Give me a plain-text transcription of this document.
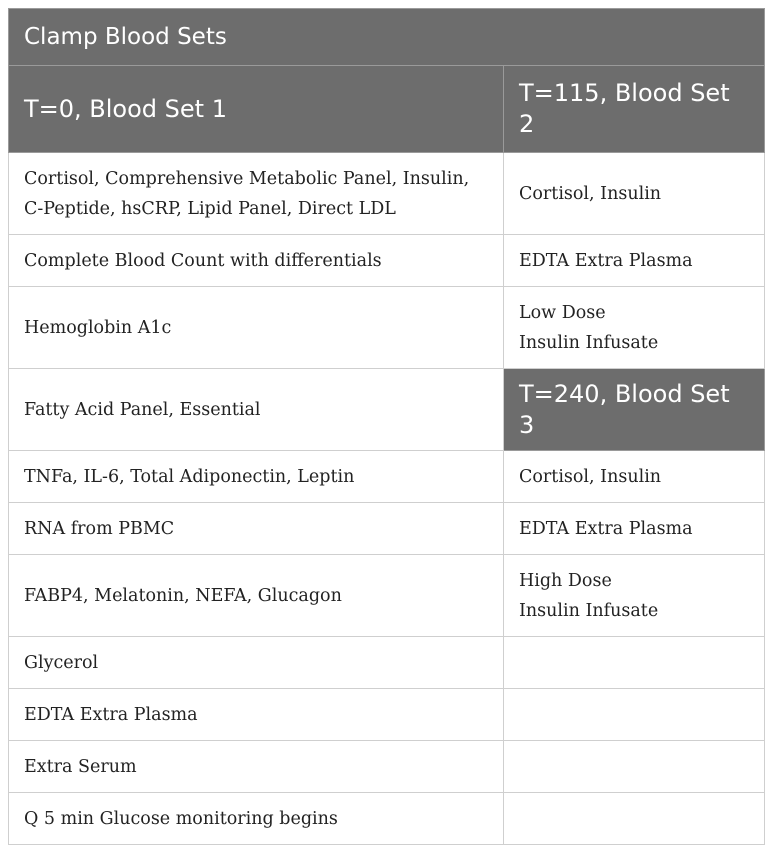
Clamp Blood Sets	
T=0, Blood Set 1	T=115, Blood Set 2
Cortisol, Comprehensive Metabolic Panel, Insulin,
C-Peptide, hsCRP, Lipid Panel, Direct LDL	Cortisol, Insulin
Complete Blood Count with differentials	EDTA Extra Plasma
Hemoglobin A1c	Low Dose
Insulin Infusate
Fatty Acid Panel, Essential	T=240, Blood Set 3
TNFa, IL-6, Total Adiponectin, Leptin	Cortisol, Insulin
RNA from PBMC	EDTA Extra Plasma
FABP4, Melatonin, NEFA, Glucagon	High Dose
Insulin Infusate
Glycerol	
EDTA Extra Plasma	
Extra Serum	
Q 5 min Glucose monitoring begins	
